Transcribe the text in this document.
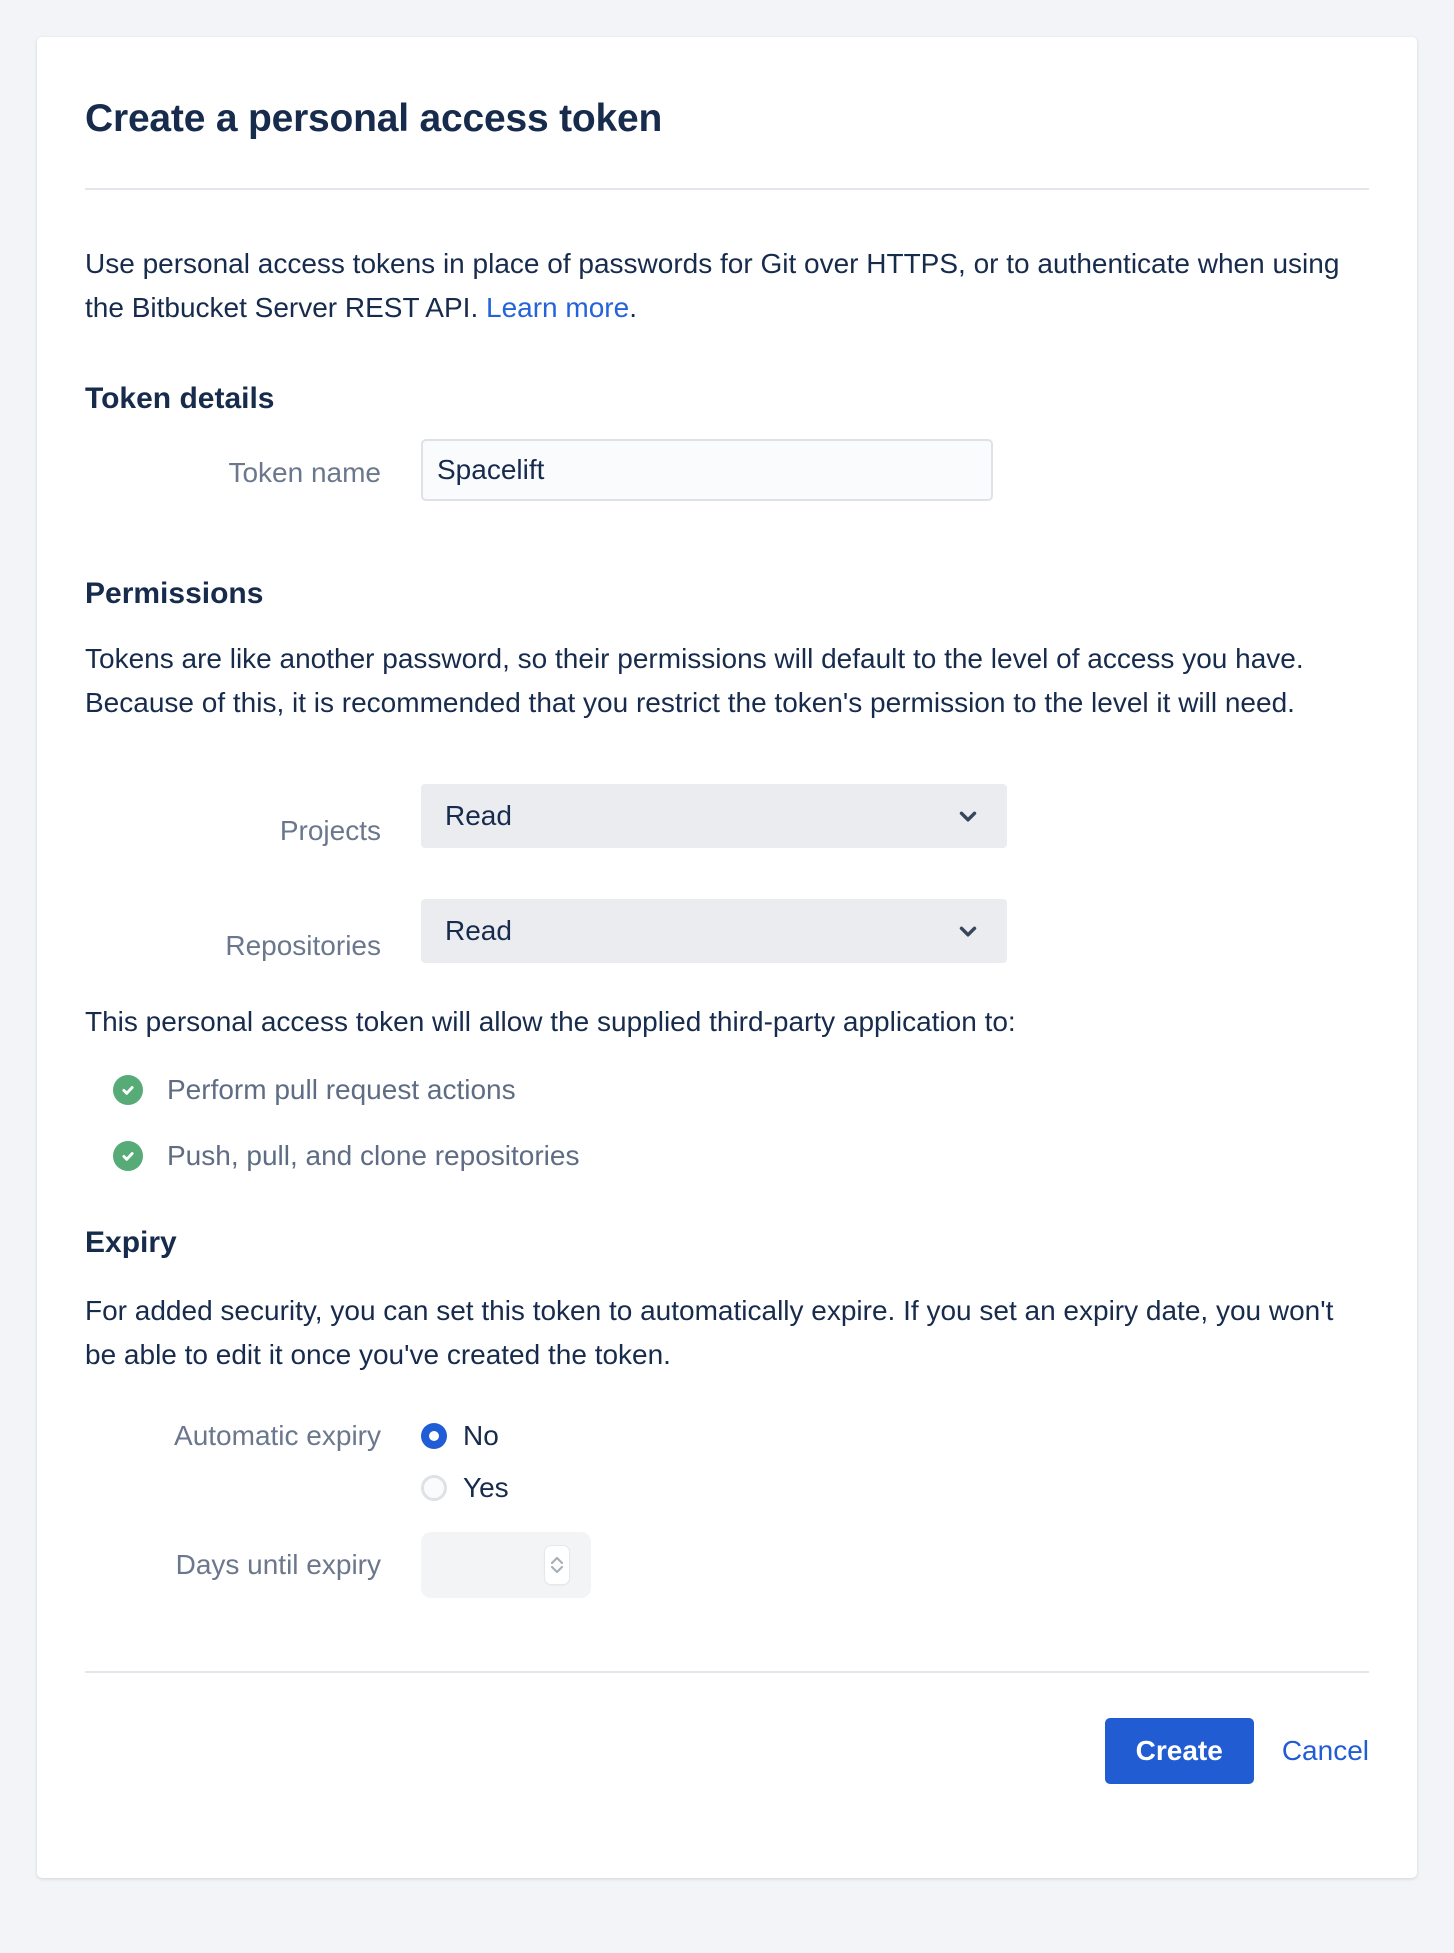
Create a personal access token

Use personal access tokens in place of passwords for Git over HTTPS, or to authenticate when using the Bitbucket Server REST API. Learn more.

Token details
Token name
Spacelift
Permissions

Tokens are like another password, so their permissions will default to the level of access you have. Because of this, it is recommended that you restrict the token's permission to the level it will need.

Projects Read
Repositories Read

This personal access token will allow the supplied third-party application to:

Perform pull request actions
Push, pull, and clone repositories
Expiry

For added security, you can set this token to automatically expire. If you set an expiry date, you won't be able to edit it once you've created the token.

Automatic expiry	No
Yes
Days until expiry
Create	Cancel
